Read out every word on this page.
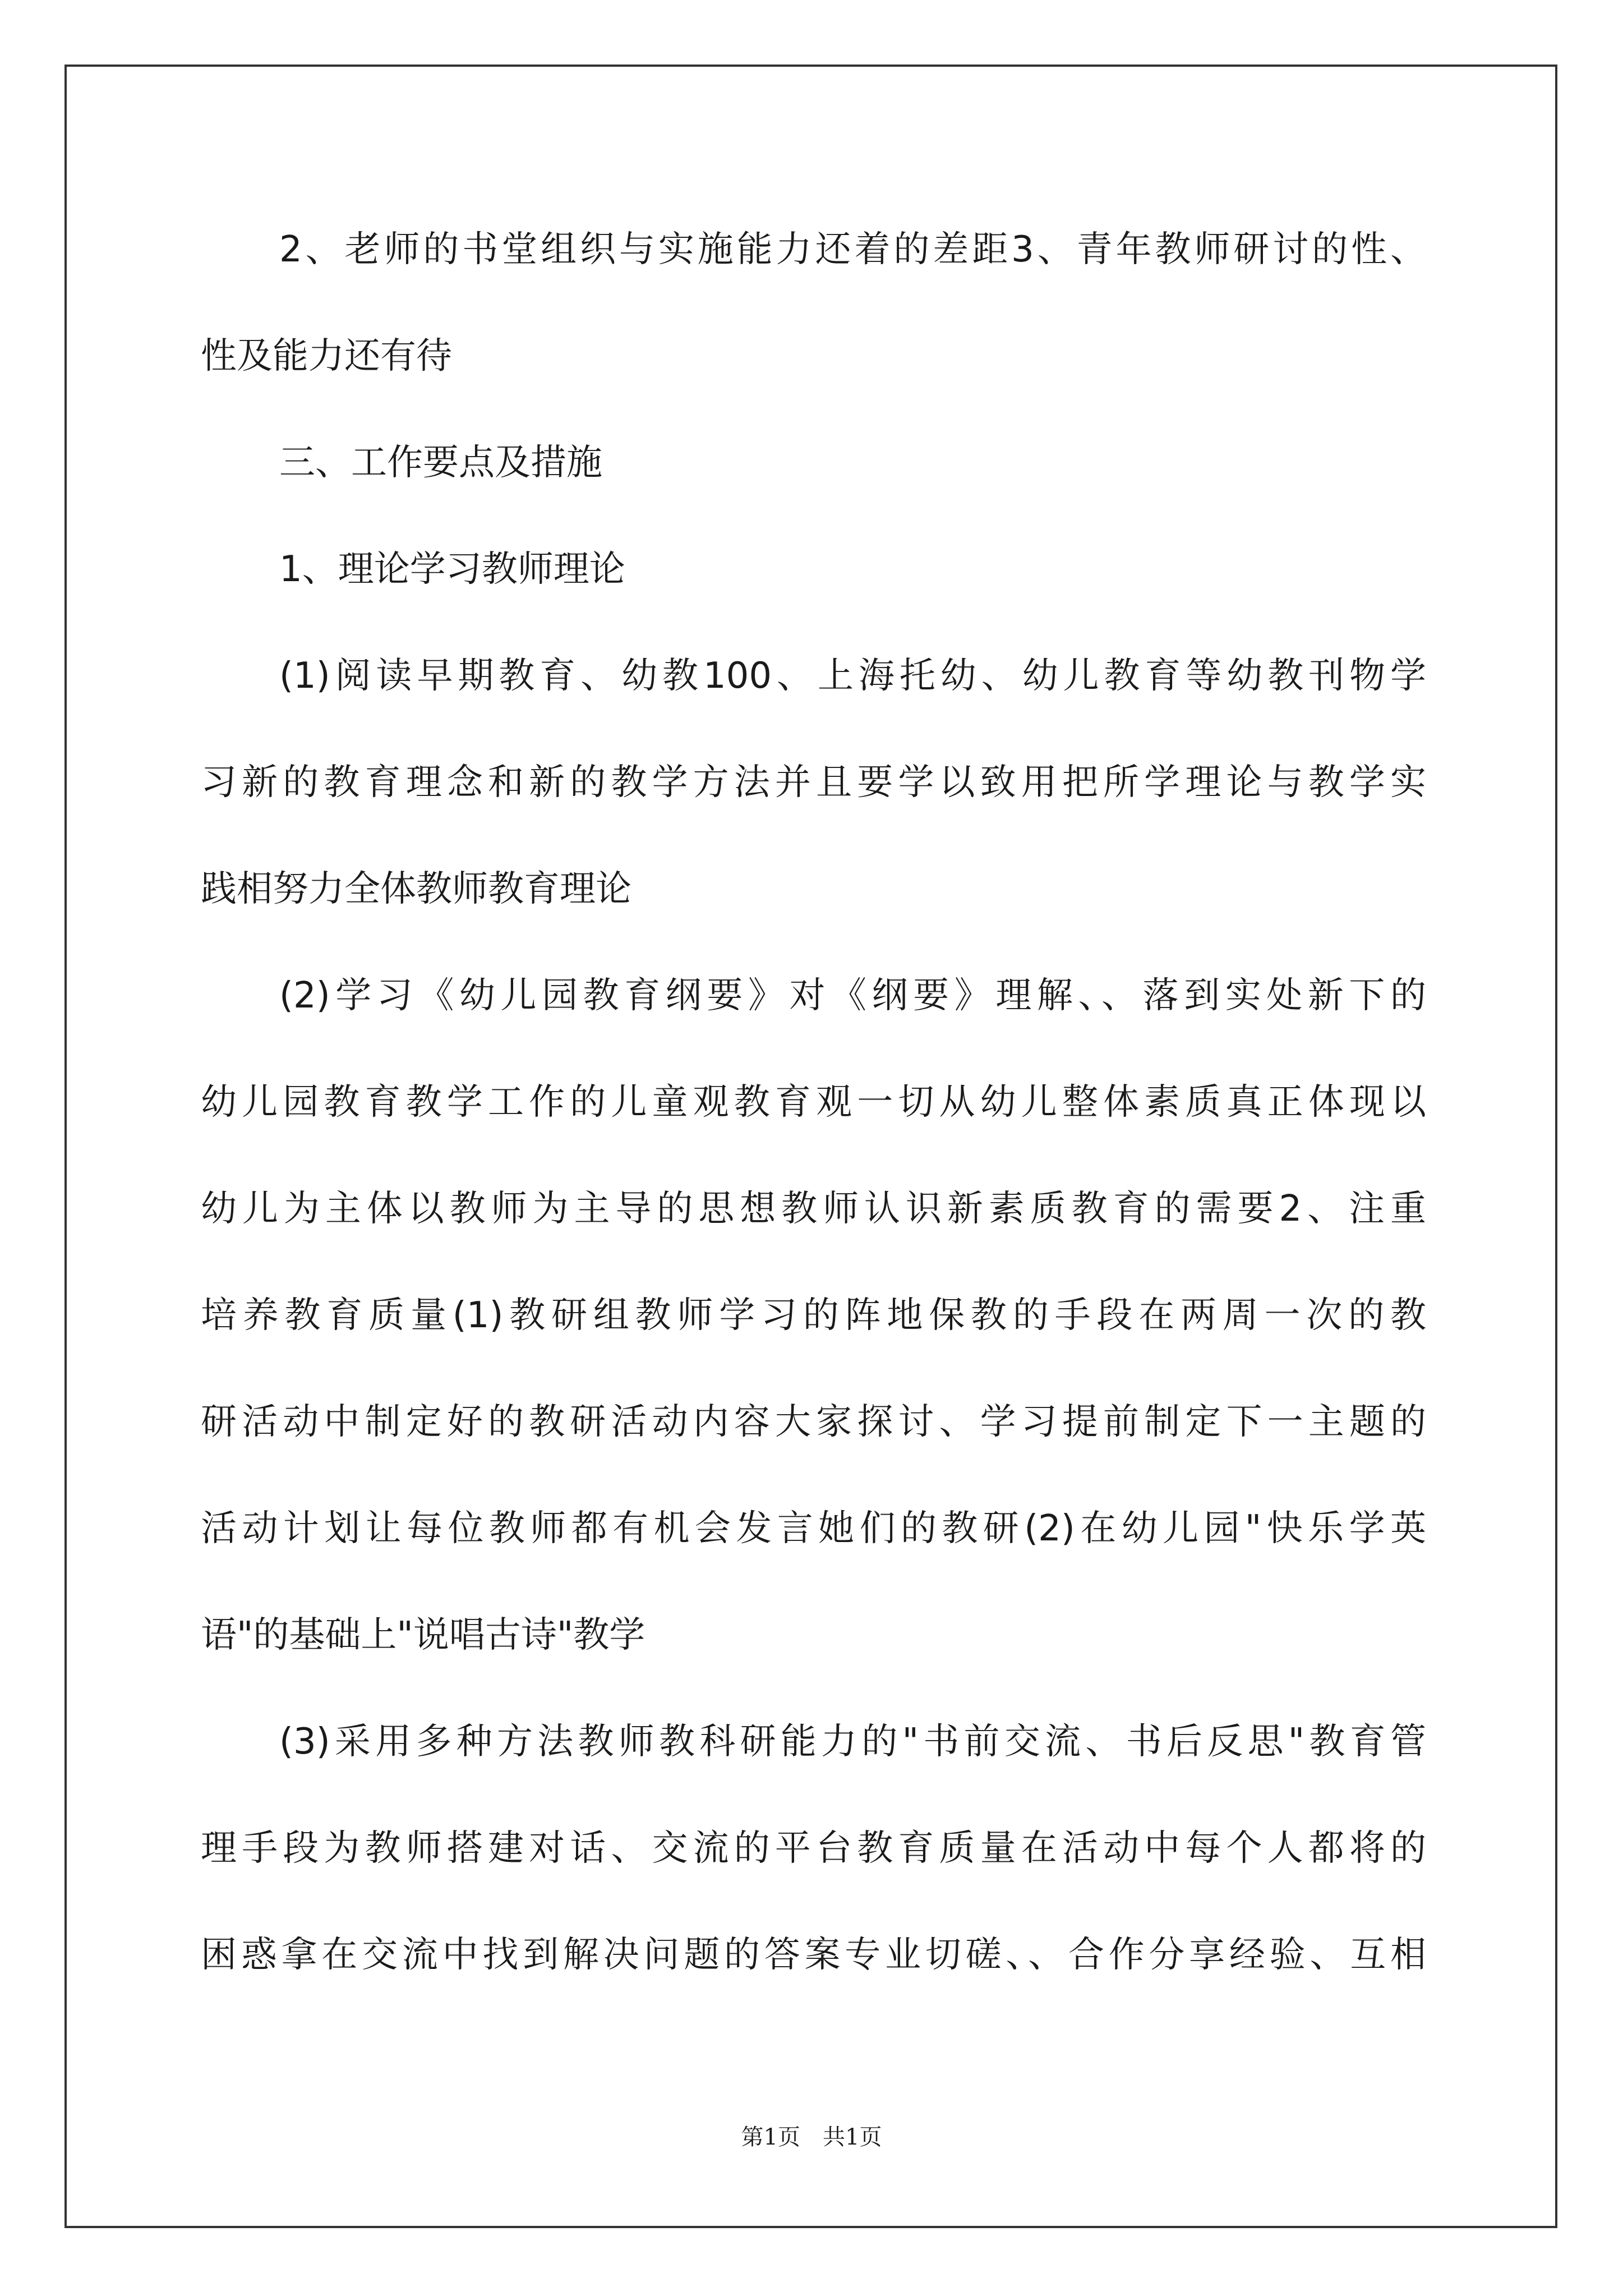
2、老师的书堂组织与实施能力还着的差距3、青年教师研讨的性、
性及能力还有待
三、工作要点及措施
1、理论学习教师理论
(1)阅读早期教育、幼教100、上海托幼、幼儿教育等幼教刊物学
习新的教育理念和新的教学方法并且要学以致用把所学理论与教学实
践相努力全体教师教育理论
(2)学习《幼儿园教育纲要》对《纲要》理解、、落到实处新下的
幼儿园教育教学工作的儿童观教育观一切从幼儿整体素质真正体现以
幼儿为主体以教师为主导的思想教师认识新素质教育的需要2、注重
培养教育质量(1)教研组教师学习的阵地保教的手段在两周一次的教
研活动中制定好的教研活动内容大家探讨、学习提前制定下一主题的
活动计划让每位教师都有机会发言她们的教研(2)在幼儿园"快乐学英
语"的基础上"说唱古诗"教学
(3)采用多种方法教师教科研能力的"书前交流、书后反思"教育管
理手段为教师搭建对话、交流的平台教育质量在活动中每个人都将的
困惑拿在交流中找到解决问题的答案专业切磋、、合作分享经验、互相
第1页　共1页
